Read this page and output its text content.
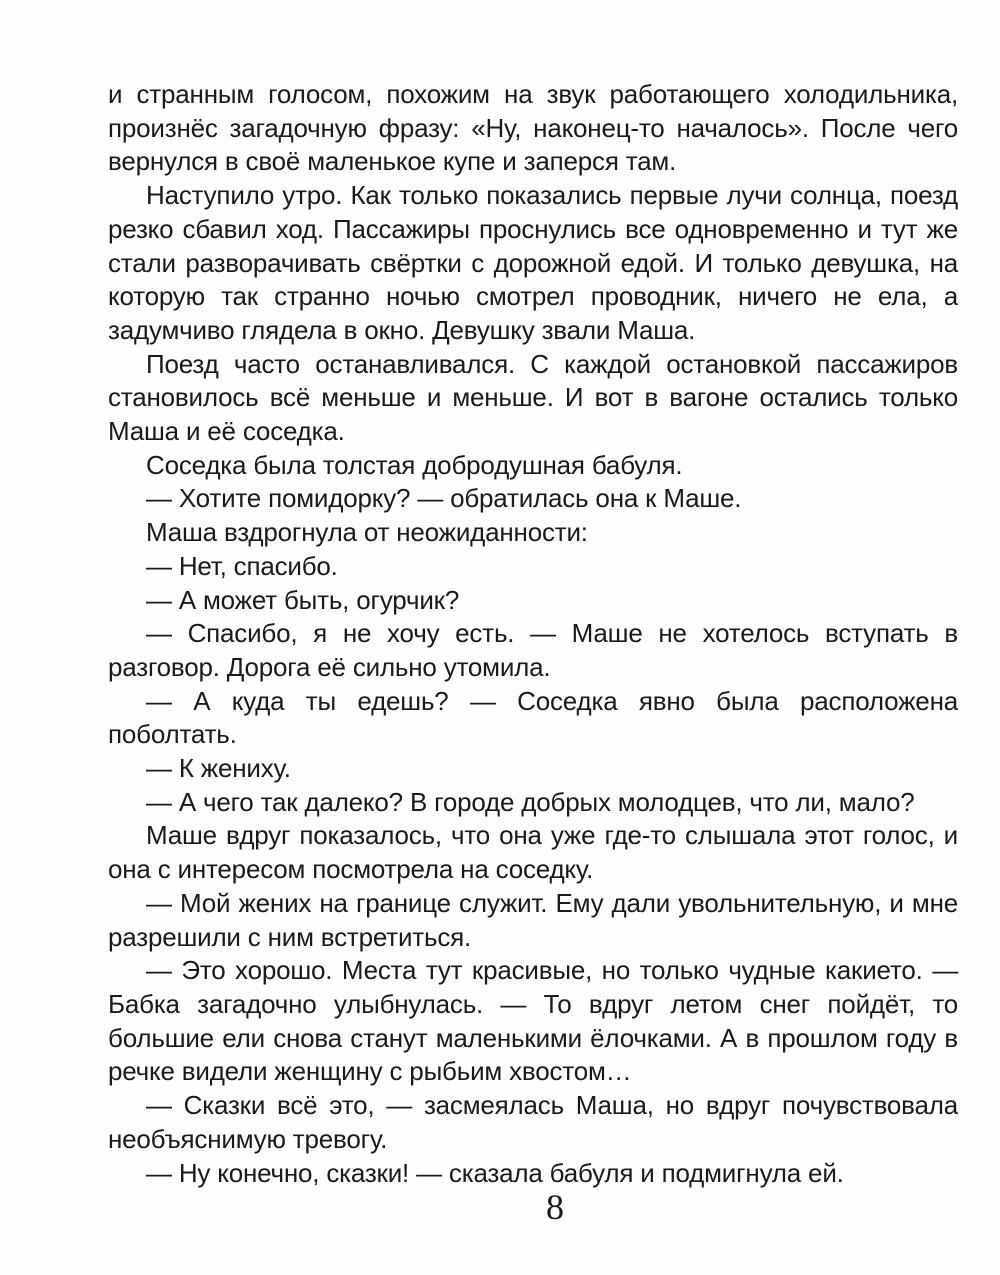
и странным голосом, похожим на звук работающего холодильника, произнёс загадочную фразу: «Ну, наконец-то началось». После чего вернулся в своё маленькое купе и заперся там.

Наступило утро. Как только показались первые лучи солнца, поезд резко сбавил ход. Пассажиры проснулись все одновременно и тут же стали разворачивать свёртки с дорожной едой. И только девушка, на которую так странно ночью смотрел проводник, ничего не ела, а задумчиво глядела в окно. Девушку звали Маша.

Поезд часто останавливался. С каждой остановкой пассажиров становилось всё меньше и меньше. И вот в вагоне остались только Маша и её соседка.

Соседка была толстая добродушная бабуля.

— Хотите помидорку? — обратилась она к Маше.

Маша вздрогнула от неожиданности:

— Нет, спасибо.

— А может быть, огурчик?

— Спасибо, я не хочу есть. — Маше не хотелось вступать в разговор. Дорога её сильно утомила.

— А куда ты едешь? — Соседка явно была расположена поболтать.

— К жениху.

— А чего так далеко? В городе добрых молодцев, что ли, мало?

Маше вдруг показалось, что она уже где-то слышала этот голос, и она с интересом посмотрела на соседку.

— Мой жених на границе служит. Ему дали увольнительную, и мне разрешили с ним встретиться.

— Это хорошо. Места тут красивые, но только чудные какието. — Бабка загадочно улыбнулась. — То вдруг летом снег пойдёт, то большие ели снова станут маленькими ёлочками. А в прошлом году в речке видели женщину с рыбьим хвостом…

— Сказки всё это, — засмеялась Маша, но вдруг почувствовала необъяснимую тревогу.

— Ну конечно, сказки! — сказала бабуля и подмигнула ей.

8
